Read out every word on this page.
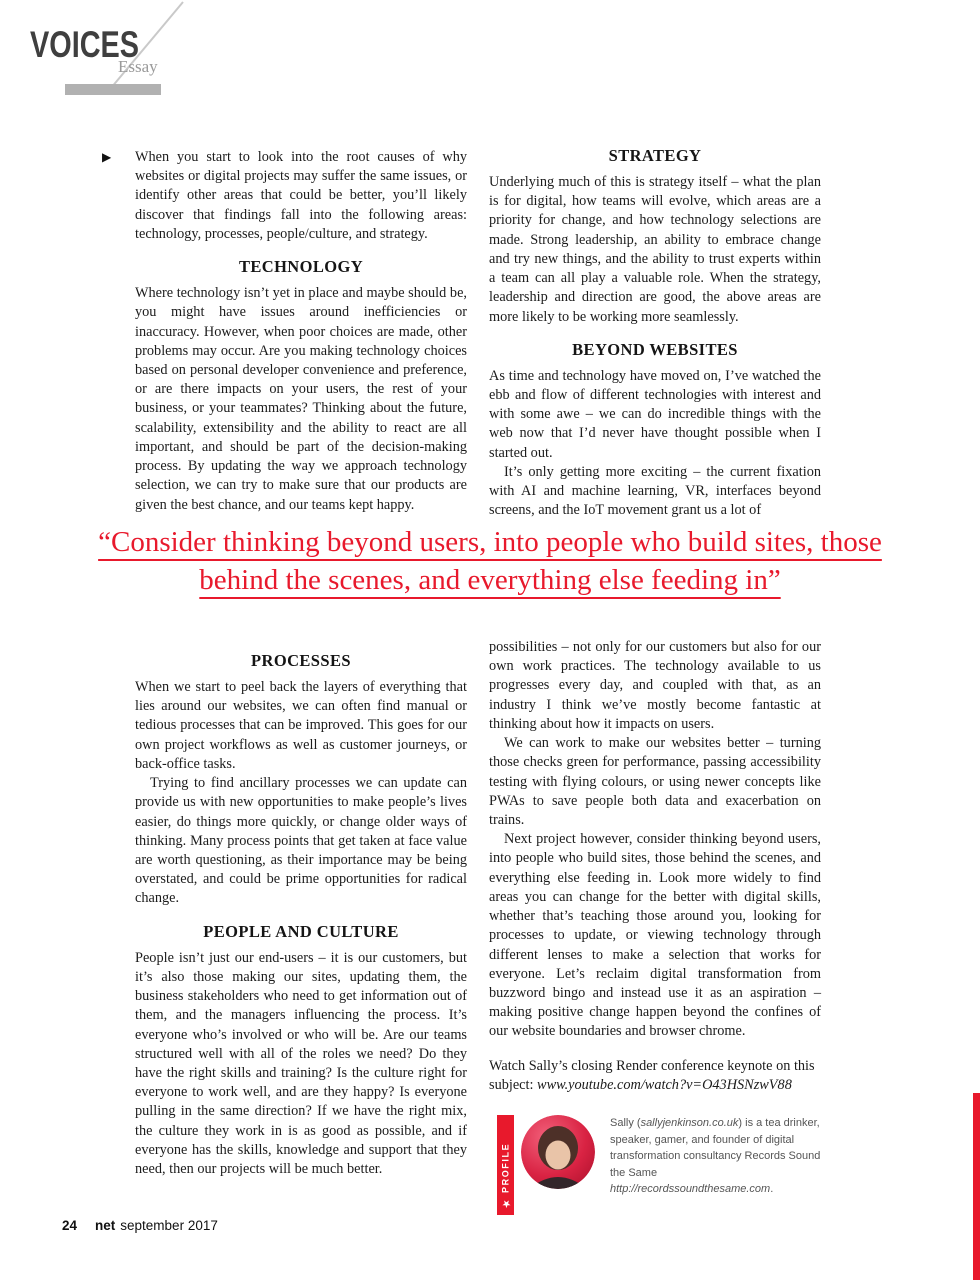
VOICES
Essay
▶ When you start to look into the root causes of why websites or digital projects may suffer the same issues, or identify other areas that could be better, you’ll likely discover that findings fall into the following areas: technology, processes, people/culture, and strategy.

TECHNOLOGY

Where technology isn’t yet in place and maybe should be, you might have issues around inefficiencies or inaccuracy. However, when poor choices are made, other problems may occur. Are you making technology choices based on personal developer convenience and preference, or are there impacts on your users, the rest of your business, or your teammates? Thinking about the future, scalability, extensibility and the ability to react are all important, and should be part of the decision-making process. By updating the way we approach technology selection, we can try to make sure that our products are given the best chance, and our teams kept happy.

STRATEGY

Underlying much of this is strategy itself – what the plan is for digital, how teams will evolve, which areas are a priority for change, and how technology selections are made. Strong leadership, an ability to embrace change and try new things, and the ability to trust experts within a team can all play a valuable role. When the strategy, leadership and direction are good, the above areas are more likely to be working more seamlessly.

BEYOND WEBSITES

As time and technology have moved on, I’ve watched the ebb and flow of different technologies with interest and with some awe – we can do incredible things with the web now that I’d never have thought possible when I started out.

It’s only getting more exciting – the current fixation with AI and machine learning, VR, interfaces beyond screens, and the IoT movement grant us a lot of

“Consider thinking beyond users, into people who build sites, those behind the scenes, and everything else feeding in”
PROCESSES

When we start to peel back the layers of everything that lies around our websites, we can often find manual or tedious processes that can be improved. This goes for our own project workflows as well as customer journeys, or back-office tasks.

Trying to find ancillary processes we can update can provide us with new opportunities to make people’s lives easier, do things more quickly, or change older ways of thinking. Many process points that get taken at face value are worth questioning, as their importance may be being overstated, and could be prime opportunities for radical change.

PEOPLE AND CULTURE

People isn’t just our end-users – it is our customers, but it’s also those making our sites, updating them, the business stakeholders who need to get information out of them, and the managers influencing the process. It’s everyone who’s involved or who will be. Are our teams structured well with all of the roles we need? Do they have the right skills and training? Is the culture right for everyone to work well, and are they happy? Is everyone pulling in the same direction? If we have the right mix, the culture they work in is as good as possible, and if everyone has the skills, knowledge and support that they need, then our projects will be much better.

possibilities – not only for our customers but also for our own work practices. The technology available to us progresses every day, and coupled with that, as an industry I think we’ve mostly become fantastic at thinking about how it impacts on users.

We can work to make our websites better – turning those checks green for performance, passing accessibility testing with flying colours, or using newer concepts like PWAs to save people both data and exacerbation on trains.

Next project however, consider thinking beyond users, into people who build sites, those behind the scenes, and everything else feeding in. Look more widely to find areas you can change for the better with digital skills, whether that’s teaching those around you, looking for processes to update, or viewing technology through different lenses to make a selection that works for everyone. Let’s reclaim digital transformation from buzzword bingo and instead use it as an aspiration – making positive change happen beyond the confines of our website boundaries and browser chrome.

Watch Sally’s closing Render conference keynote on this subject: www.youtube.com/watch?v=O43HSNzwV88

★
PROFILE

Sally (sallyjenkinson.co.uk) is a tea drinker, speaker, gamer, and founder of digital transformation consultancy Records Sound the Same http://recordssoundthesame.com.

24 net september 2017
